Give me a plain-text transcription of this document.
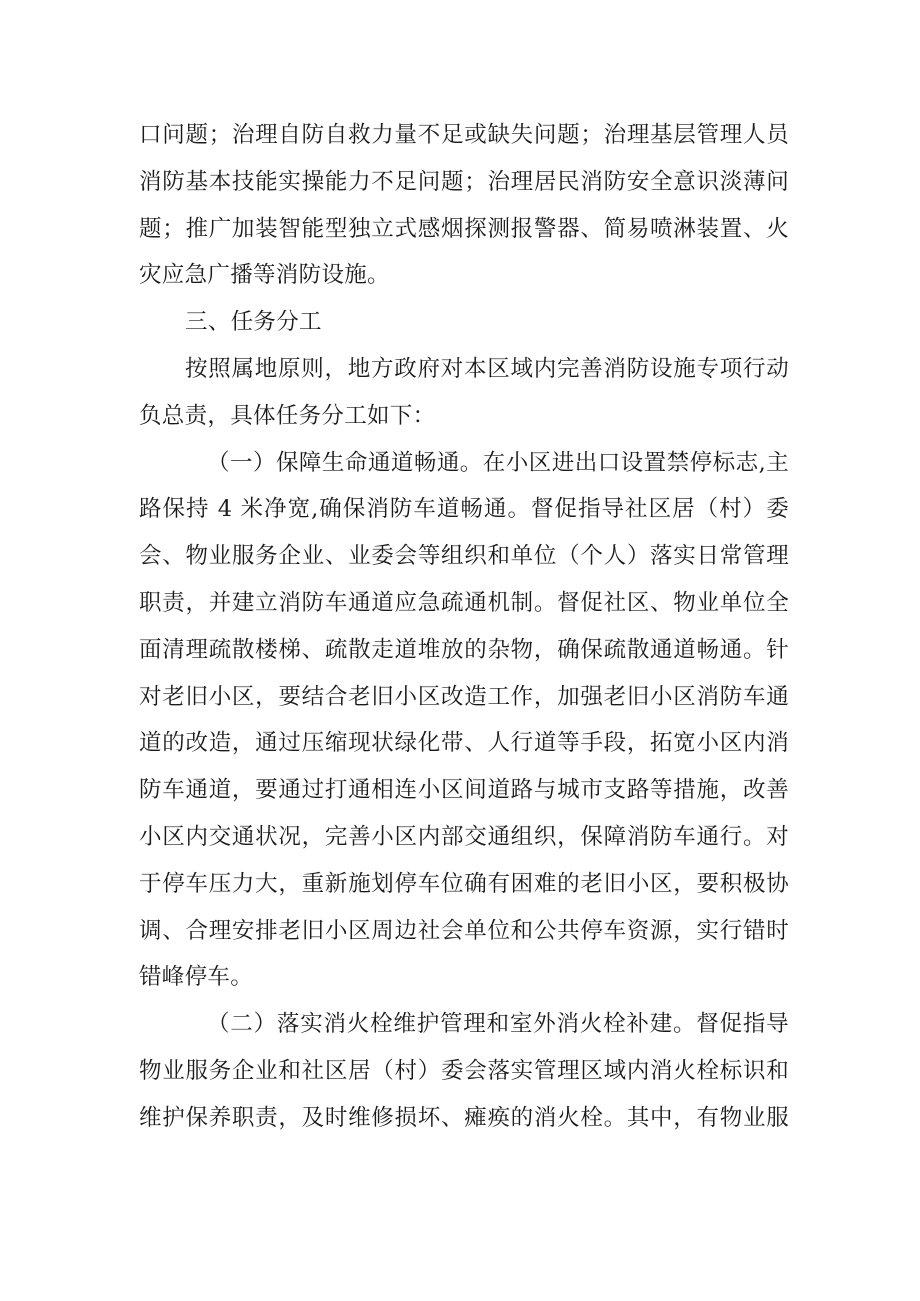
口问题；治理自防自救力量不足或缺失问题；治理基层管理人员
消防基本技能实操能力不足问题；治理居民消防安全意识淡薄问
题；推广加装智能型独立式感烟探测报警器、简易喷淋装置、火
灾应急广播等消防设施。
三、任务分工
按照属地原则，地方政府对本区域内完善消防设施专项行动
负总责，具体任务分工如下：
（一）保障生命通道畅通。在小区进出口设置禁停标志,主
路保持 4 米净宽,确保消防车道畅通。督促指导社区居（村）委
会、物业服务企业、业委会等组织和单位（个人）落实日常管理
职责，并建立消防车通道应急疏通机制。督促社区、物业单位全
面清理疏散楼梯、疏散走道堆放的杂物，确保疏散通道畅通。针
对老旧小区，要结合老旧小区改造工作，加强老旧小区消防车通
道的改造，通过压缩现状绿化带、人行道等手段，拓宽小区内消
防车通道，要通过打通相连小区间道路与城市支路等措施，改善
小区内交通状况，完善小区内部交通组织，保障消防车通行。对
于停车压力大，重新施划停车位确有困难的老旧小区，要积极协
调、合理安排老旧小区周边社会单位和公共停车资源，实行错时
错峰停车。
（二）落实消火栓维护管理和室外消火栓补建。督促指导
物业服务企业和社区居（村）委会落实管理区域内消火栓标识和
维护保养职责，及时维修损坏、瘫痪的消火栓。其中，有物业服
